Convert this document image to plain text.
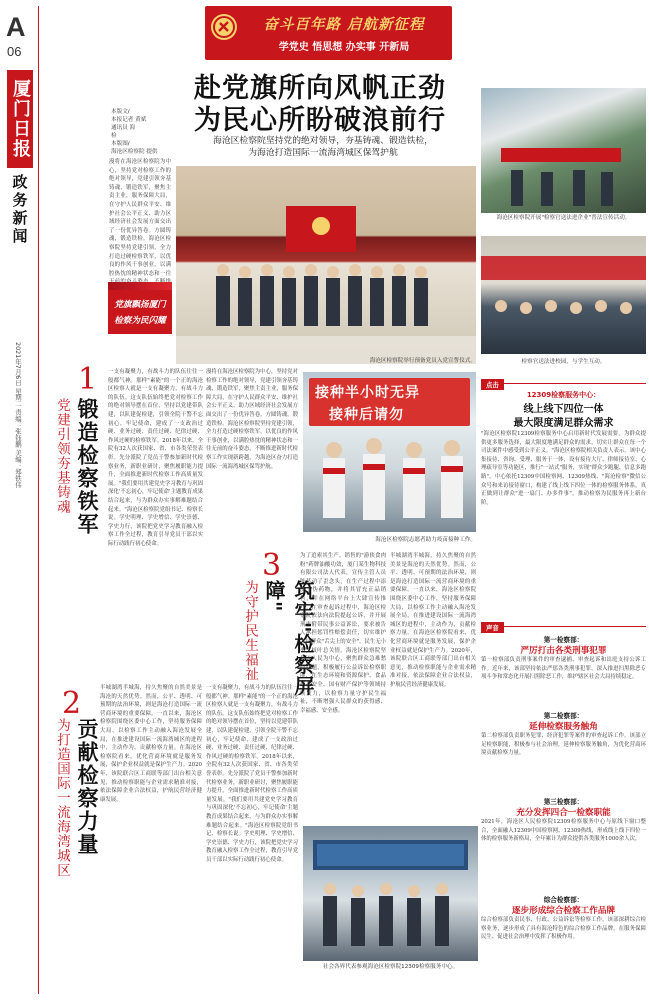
A
06
厦门日报
政务新闻
2021年7月6日 星期二 责编：张钰鹏 美编：郑铁伟
奋斗百年路 启航新征程
学党史 悟思想 办实事 开新局
赴党旗所向风帆正劲
为民心所盼破浪前行
海沧区检察院坚持党的绝对领导，夯基铸魂、锻造铁检，
为海沧打造国际一流海湾城区保驾护航
本版文/
本报记者 黄斌
通讯员 海
检
本版图/
海沧区检察院 提供
漫将在海沧区检察院为中心，坚持党对检察工作的绝对领导，党建引领夯基铸魂，锻造铁军，聚焦主责主业，服务保障大局，在守护人民群众平安、维护社会公平正义、助力区域经济社会发展方面交出了一份优异答卷。方圆铸魂，锻造铁检。海沧区检察院坚持党建引领，全力打造过硬检察铁军，以优良的作风干事创业，以满腔热忱的精神状态和一往
党旗飘扬厦门
检察为民闪耀
海沧区检察院举行预备党员入党宣誓仪式。
海沧区检察院开展"检察官送法进企业"普法宣传活动。
检察官送法进校园，与学生互动。
1
锻造检察铁军
党建引领夯基铸魂
一支有凝聚力，有战斗力的队伍往往一般都气神。那样"素能"的一个正的海沧区检察人就是一支有凝聚力，有战斗力的队伍。这支队伍始终把党对检察工作的绝对领导摆在首位，坚持以党建带队建，以队建促检建，引领全院干警不忘初心，牢记使命，建成了一支政治过硬、业务过硬、责任过硬、纪律过硬、作风过硬的检察铁军。2018年以来，全院有32人次获国家、省、市各类荣誉表彰。先分派院了党员干警参加新时代检察业务，新职业研讨，聚焦履职能力提升，全面推进新时代检察工作高质量发展。"我们要用共建党史学习教育与巩固深化'不忘初心，牢记使命'主题教育成果结合起来，与为群众办实事解难题结合起来。"海沧区检察院党组书记、检察长说。学史明理、学史增信、学史崇德、学史力行，该院把党史学习教育融入检察工作全过程，教育引导党员干部以实际行动践行初心使命。
漫将在海沧区检察院为中心，坚持党对检察工作的绝对领导，党建引领夯基铸魂，锻造铁军，聚焦主责主业，服务保障大局，在守护人民群众平安、维护社会公平正义、助力区域经济社会发展方面交出了一份优异答卷。方圆铸魂，锻造铁检。海沧区检察院坚持党建引领，全力打造过硬检察铁军，以优良的作风干事创业，以满腔热忱的精神状态和一往无前的奋斗姿态，不断推进新时代检察工作实现新跨越，为海沧区奋力打造国际一流海湾城区保驾护航。
接种半小时无异
接种后请勿
海沧区检察院志愿者助力疫苗接种工作。
2
贡献检察力量
为打造国际一流海湾城区
半城湖湾半城海，持久焦聚的自然美景是海沧的天然优势。然而，公平、透明、可预期的法治环境，则是海沧打造国际一流营商环境的重要保障。一直以来，海沧区检察院围绕区委中心工作，坚持服务保障大局，以检察工作主动融入海沧发展全局，在推进建设国际一流海湾城区的进程中，主动作为，贡献检察力量。在海沧区检察院看来，优化营商环境就是服务发展，保护企业权益就是保护生产力。2020年，该院联合区工商联等部门出台相关意见，推动检察职能与企业需求精准对接，依法保障企业合法权益，护航民营经济健康发展。
一支有凝聚力，有战斗力的队伍往往一般都气神。那样"素能"的一个正的海沧区检察人就是一支有凝聚力，有战斗力的队伍。这支队伍始终把党对检察工作的绝对领导摆在首位，坚持以党建带队建，以队建促检建，引领全院干警不忘初心，牢记使命，建成了一支政治过硬、业务过硬、责任过硬、纪律过硬、作风过硬的检察铁军。2018年以来，全院有32人次获国家、省、市各类荣誉表彰。先分派院了党员干警参加新时代检察业务，新职业研讨，聚焦履职能力提升，全面推进新时代检察工作高质量发展。"我们要用共建党史学习教育与巩固深化'不忘初心，牢记使命'主题教育成果结合起来，与为群众办实事解难题结合起来。"海沧区检察院党组书记、检察长说。学史明理、学史增信、学史崇德、学史力行，该院把党史学习教育融入检察工作全过程，教育引导党员干部以实际行动践行初心使命。
3
筑牢"检察屏障"
为守护民生福祉
为了追索其生产、销售的"游侠食肉粉"药牌油酸功效，厦门某生物科技有限公司法人代表，宣传主管人员陈某动了歪念头，在生产过程中添加了伪药物，并将其冒充正品销售，并在网络平台上大肆宣传推广。在审查起诉过程中，海沧区检察院依法向法院提起公诉，并开展刑事附带民事公益诉讼，要求被告人承担惩罚性赔偿责任，切实维护人民群众"舌尖上的安全"。民生无小事，枝叶总关情。海沧区检察院坚持以人民为中心，聚焦群众急难愁盼问题，积极履行公益诉讼检察职能，在生态环境和资源保护、食品药品安全、国有财产保护等领域持续发力，以检察力量守护民生福祉，不断增强人民群众的获得感、幸福感、安全感。
半城湖湾半城海，持久焦聚的自然美景是海沧的天然优势。然而，公平、透明、可预期的法治环境，则是海沧打造国际一流营商环境的重要保障。一直以来，海沧区检察院围绕区委中心工作，坚持服务保障大局，以检察工作主动融入海沧发展全局，在推进建设国际一流海湾城区的进程中，主动作为，贡献检察力量。在海沧区检察院看来，优化营商环境就是服务发展，保护企业权益就是保护生产力。2020年，该院联合区工商联等部门出台相关意见，推动检察职能与企业需求精准对接，依法保障企业合法权益，护航民营经济健康发展。
社会各界代表参观海沧区检察院12309检察服务中心。
点击
12309检察服务中心：
线上线下四位一体
最大限度满足群众需求
"海沧区检察院12309检察服务中心启用新时代发展需要，为群众提供更多服务选择，最大限度地满足群众的需求，切实让群众在每一个司法案件中感受到公平正义。"海沧区检察院相关负责人表示。该中心集接待、咨询、受理、服务于一体，设有接待大厅、律师接待室、心理疏导室等功能区，推行"一站式"服务，实现"群众少跑腿、信息多跑路"。中心依托12309中国检察网、12309热线、"海沧检察"微信公众号和来访接待窗口，构建了线上线下四位一体的检察服务体系，真正做到让群众"进一扇门、办多件事"，推动检察为民服务再上新台阶。
声音
第一检察部：
严厉打击各类刑事犯罪
第一检察部负责刑事案件的审查逮捕、审查起诉和出庭支持公诉工作。近年来，该部坚持依法严惩各类刑事犯罪，深入推进扫黑除恶专项斗争和常态化开展扫黑除恶工作，维护辖区社会大局持续稳定。
第二检察部：
延伸检察服务触角
第二检察部负责职务犯罪、经济犯罪等案件的审查起诉工作。该部立足检察职能，积极参与社会治理，延伸检察服务触角，为优化营商环境贡献检察力量。
第三检察部：
充分发挥四合一检察职能
2021年，海沧区人民检察院12309检察服务中心与原线下窗口整合，全面融入12309中国检察网、12309热线，形成线上线下四位一体的检察服务新格局，全年累计为群众提供各类服务1000余人次。
综合检察部：
逐步形成综合检察工作品牌
综合检察部负责民事、行政、公益诉讼等检察工作，该部深耕综合检察业务，逐步形成了具有海沧特色的综合检察工作品牌，在服务保障民生、促进社会治理中发挥了积极作用。
